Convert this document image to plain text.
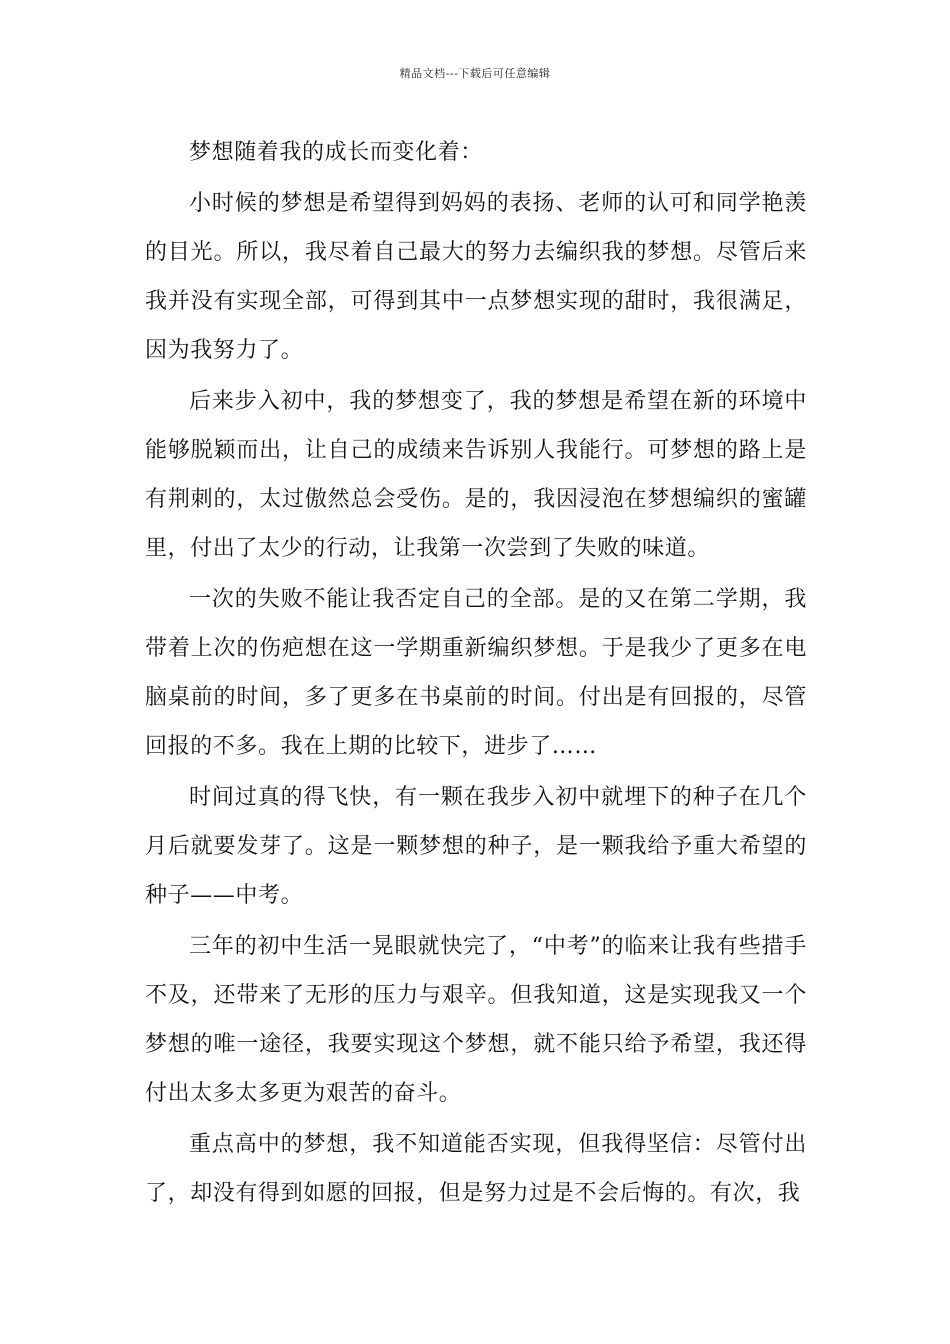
精品文档---下载后可任意编辑

梦想随着我的成长而变化着：

小时候的梦想是希望得到妈妈的表扬、老师的认可和同学艳羡的目光。所以，我尽着自己最大的努力去编织我的梦想。尽管后来我并没有实现全部，可得到其中一点梦想实现的甜时，我很满足，因为我努力了。

后来步入初中，我的梦想变了，我的梦想是希望在新的环境中能够脱颖而出，让自己的成绩来告诉别人我能行。可梦想的路上是有荆刺的，太过傲然总会受伤。是的，我因浸泡在梦想编织的蜜罐里，付出了太少的行动，让我第一次尝到了失败的味道。

一次的失败不能让我否定自己的全部。是的又在第二学期，我带着上次的伤疤想在这一学期重新编织梦想。于是我少了更多在电脑桌前的时间，多了更多在书桌前的时间。付出是有回报的，尽管回报的不多。我在上期的比较下，进步了……

时间过真的得飞快，有一颗在我步入初中就埋下的种子在几个月后就要发芽了。这是一颗梦想的种子，是一颗我给予重大希望的种子——中考。

三年的初中生活一晃眼就快完了，“中考”的临来让我有些措手不及，还带来了无形的压力与艰辛。但我知道，这是实现我又一个梦想的唯一途径，我要实现这个梦想，就不能只给予希望，我还得付出太多太多更为艰苦的奋斗。

重点高中的梦想，我不知道能否实现，但我得坚信：尽管付出了，却没有得到如愿的回报，但是努力过是不会后悔的。有次，我
